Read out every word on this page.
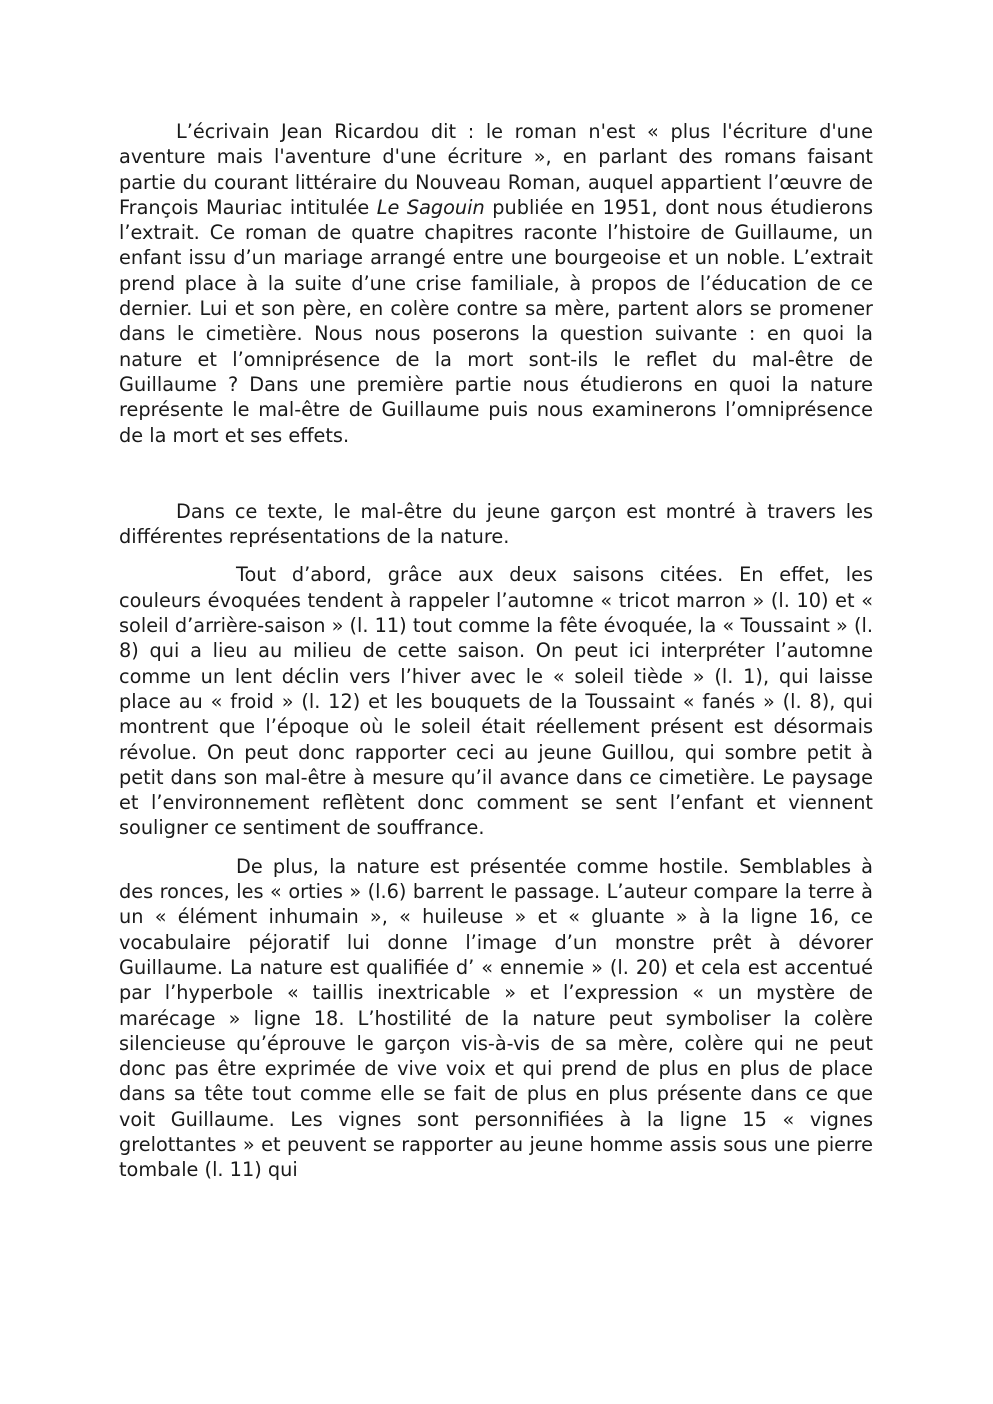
L’écrivain Jean Ricardou dit : le roman n'est « plus l'écriture d'une aventure mais l'aventure d'une écriture », en parlant des romans faisant partie du courant littéraire du Nouveau Roman, auquel appartient l’œuvre de François Mauriac intitulée Le Sagouin publiée en 1951, dont nous étudierons l’extrait. Ce roman de quatre chapitres raconte l’histoire de Guillaume, un enfant issu d’un mariage arrangé entre une bourgeoise et un noble. L’extrait prend place à la suite d’une crise familiale, à propos de l’éducation de ce dernier. Lui et son père, en colère contre sa mère, partent alors se promener dans le cimetière. Nous nous poserons la question suivante : en quoi la nature et l’omniprésence de la mort sont-ils le reflet du mal-être de Guillaume ? Dans une première partie nous étudierons en quoi la nature représente le mal-être de Guillaume puis nous examinerons l’omniprésence de la mort et ses effets.

Dans ce texte, le mal-être du jeune garçon est montré à travers les différentes représentations de la nature.

Tout d’abord, grâce aux deux saisons citées. En effet, les couleurs évoquées tendent à rappeler l’automne « tricot marron » (l. 10) et « soleil d’arrière-saison » (l. 11) tout comme la fête évoquée, la « Toussaint » (l. 8) qui a lieu au milieu de cette saison. On peut ici interpréter l’automne comme un lent déclin vers l’hiver avec le « soleil tiède » (l. 1), qui laisse place au « froid » (l. 12) et les bouquets de la Toussaint « fanés » (l. 8), qui montrent que l’époque où le soleil était réellement présent est désormais révolue. On peut donc rapporter ceci au jeune Guillou, qui sombre petit à petit dans son mal-être à mesure qu’il avance dans ce cimetière. Le paysage et l’environnement reflètent donc comment se sent l’enfant et viennent souligner ce sentiment de souffrance.

De plus, la nature est présentée comme hostile. Semblables à des ronces, les « orties » (l.6) barrent le passage. L’auteur compare la terre à un « élément inhumain », « huileuse » et « gluante » à la ligne 16, ce vocabulaire péjoratif lui donne l’image d’un monstre prêt à dévorer Guillaume. La nature est qualifiée d’ « ennemie » (l. 20) et cela est accentué par l’hyperbole « taillis inextricable » et l’expression « un mystère de marécage » ligne 18. L’hostilité de la nature peut symboliser la colère silencieuse qu’éprouve le garçon vis-à-vis de sa mère, colère qui ne peut donc pas être exprimée de vive voix et qui prend de plus en plus de place dans sa tête tout comme elle se fait de plus en plus présente dans ce que voit Guillaume. Les vignes sont personnifiées à la ligne 15 « vignes grelottantes » et peuvent se rapporter au jeune homme assis sous une pierre tombale (l. 11) qui
